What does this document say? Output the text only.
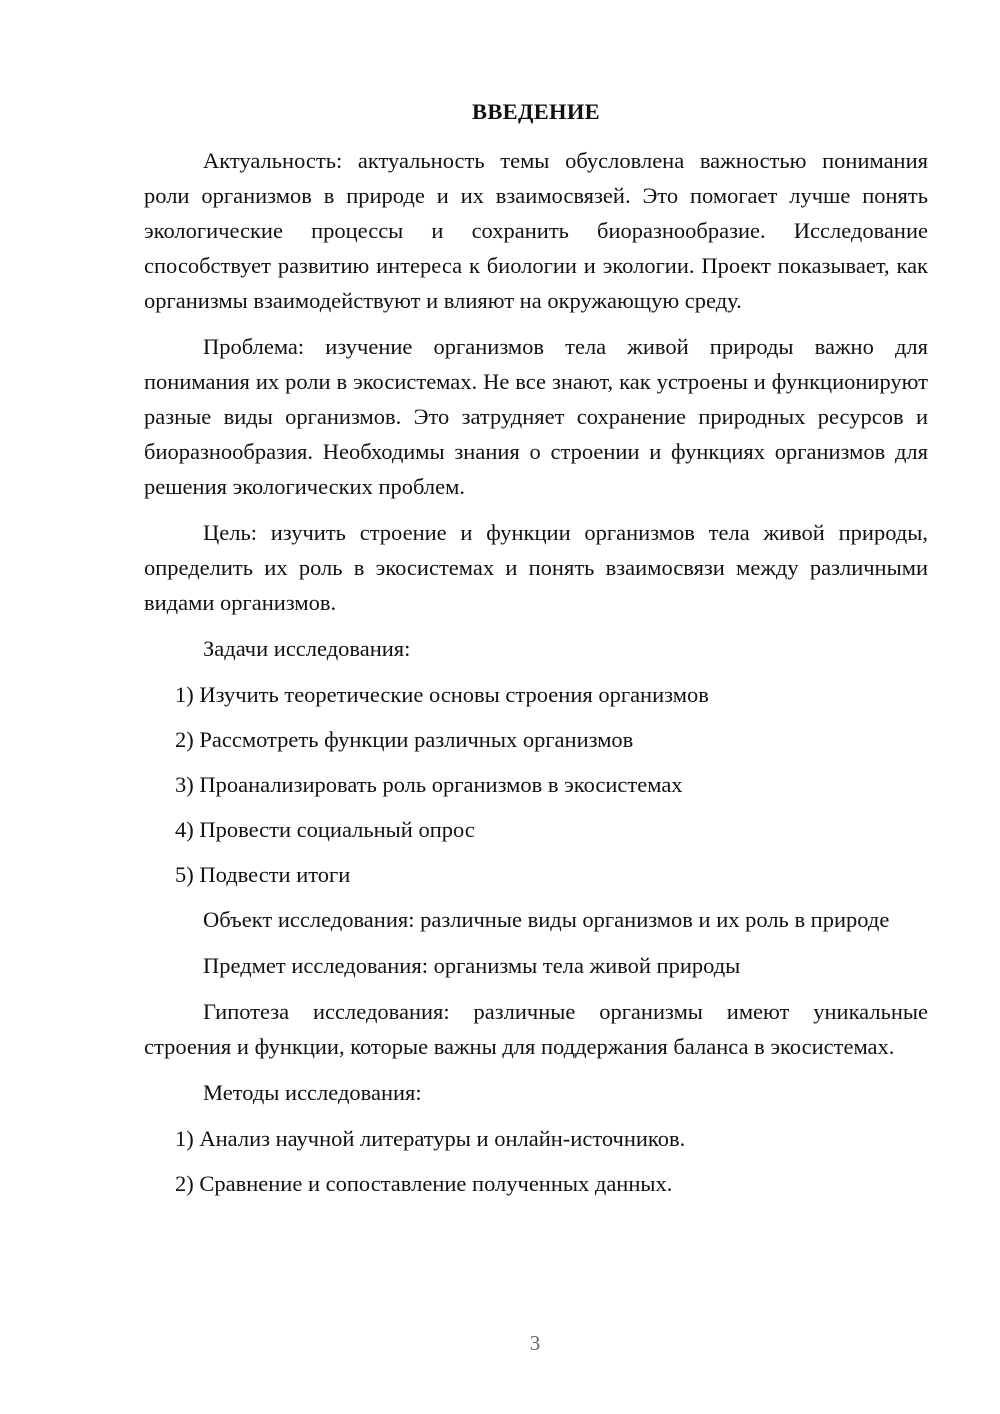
ВВЕДЕНИЕ

Актуальность: актуальность темы обусловлена важностью понимания роли организмов в природе и их взаимосвязей. Это помогает лучше понять экологические процессы и сохранить биоразнообразие. Исследование способствует развитию интереса к биологии и экологии. Проект показывает, как организмы взаимодействуют и влияют на окружающую среду.

Проблема: изучение организмов тела живой природы важно для понимания их роли в экосистемах. Не все знают, как устроены и функционируют разные виды организмов. Это затрудняет сохранение природных ресурсов и биоразнообразия. Необходимы знания о строении и функциях организмов для решения экологических проблем.

Цель: изучить строение и функции организмов тела живой природы, определить их роль в экосистемах и понять взаимосвязи между различными видами организмов.

Задачи исследования:

1) Изучить теоретические основы строения организмов
2) Рассмотреть функции различных организмов
3) Проанализировать роль организмов в экосистемах
4) Провести социальный опрос
5) Подвести итоги

Объект исследования: различные виды организмов и их роль в природе

Предмет исследования: организмы тела живой природы

Гипотеза исследования: различные организмы имеют уникальные строения и функции, которые важны для поддержания баланса в экосистемах.

Методы исследования:

1) Анализ научной литературы и онлайн-источников.
2) Сравнение и сопоставление полученных данных.
3
